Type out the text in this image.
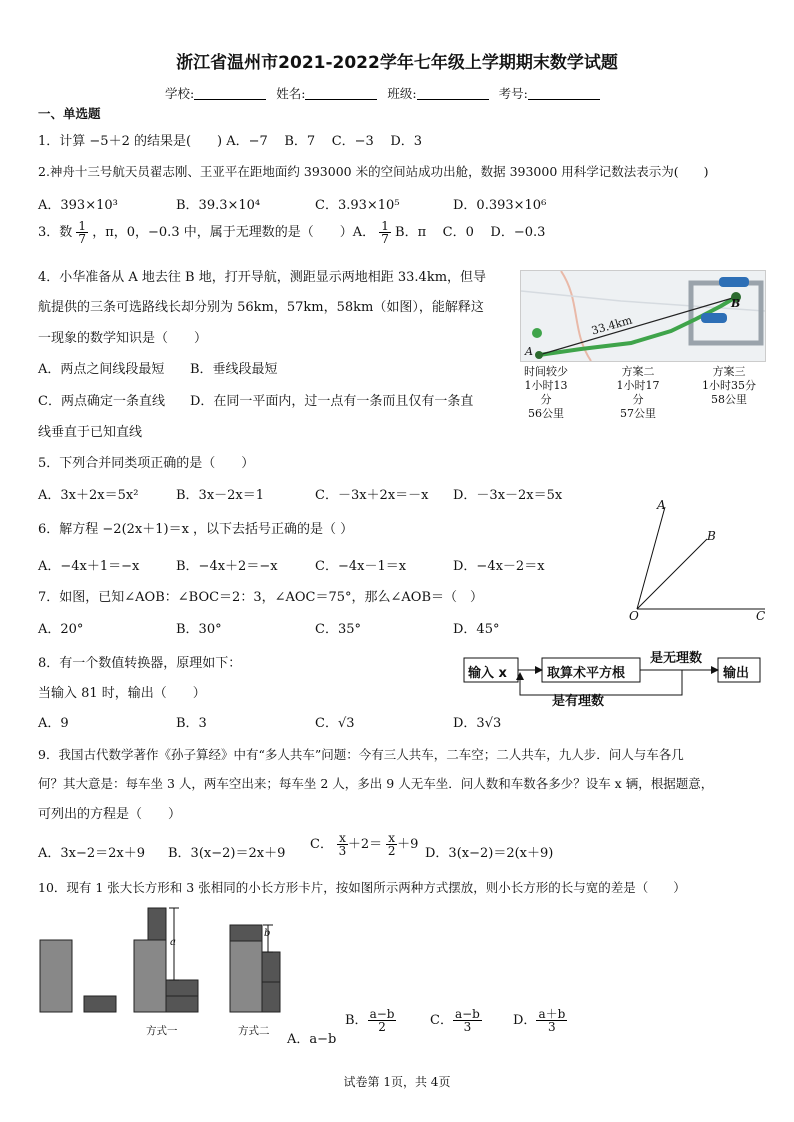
浙江省温州市2021-2022学年七年级上学期期末数学试题
学校:	姓名:	班级:	考号:
一、单选题
1．计算 −5＋2 的结果是(　　) A．−7 B．7 C．−3 D．3
2.神舟十三号航天员翟志刚、王亚平在距地面约 393000 米的空间站成功出舱，数据 393000 用科学记数法表示为(　　)
A．393×10³	B．39.3×10⁴	C．3.93×10⁵	D．0.393×10⁶
3．数 $\frac{1}{7}$ ，π，0，−0.3 中，属于无理数的是（　　）A． $\frac{1}{7}$ B．π C．0 D．−0.3
4．小华准备从 A 地去往 B 地，打开导航，测距显示两地相距 33.4km，但导
航提供的三条可选路线长却分别为 56km，57km，58km（如图），能解释这
一现象的数学知识是（　　）
A．两点之间线段最短 B．垂线段最短
C．两点确定一条直线 D．在同一平面内，过一点有一条而且仅有一条直
线垂直于已知直线
33.4km
A
B
时间较少
1小时13分
56公里
方案二
1小时17分
57公里
方案三
1小时35分
58公里
5．下列合并同类项正确的是（　　）
A．3x＋2x＝5x²	B．3x－2x＝1	C．－3x＋2x＝－x D．－3x－2x＝5x
6．解方程 −2(2x＋1)＝x ，以下去括号正确的是（ ）
A．−4x＋1＝−x	B．−4x＋2＝−x	C．−4x－1＝x	D．−4x－2＝x
A
B
O	C
7．如图，已知∠AOB：∠BOC＝2：3，∠AOC＝75°，那么∠AOB＝（　）
A．20°	B．30°	C．35°	D．45°
8．有一个数值转换器，原理如下：
当输入 81 时，输出（　　）
A．9	B．3	C．√3	D．3√3
输入 x	取算术平方根
是无理数
输出
是有理数
9．我国古代数学著作《孙子算经》中有“多人共车”问题：今有三人共车，二车空；二人共车，九人步．问人与车各几
何？其大意是：每车坐 3 人，两车空出来；每车坐 2 人，多出 9 人无车坐．问人数和车数各多少？设车 x 辆，根据题意，
可列出的方程是（　　）
A．3x−2＝2x＋9 B．3(x−2)＝2x＋9
C． $\frac{x}{3} +2= \frac{x}{2} +9$
D．3(x−2)＝2(x＋9)
10．现有 1 张大长方形和 3 张相同的小长方形卡片，按如图所示两种方式摆放，则小长方形的长与宽的差是（　　）
a
b
方式一	方式二
A．a−b
B． $\frac{a-b}{2}$	C． $\frac{a-b}{3}$ D． $\frac{a+b}{3}$
试卷第 1页，共 4页
